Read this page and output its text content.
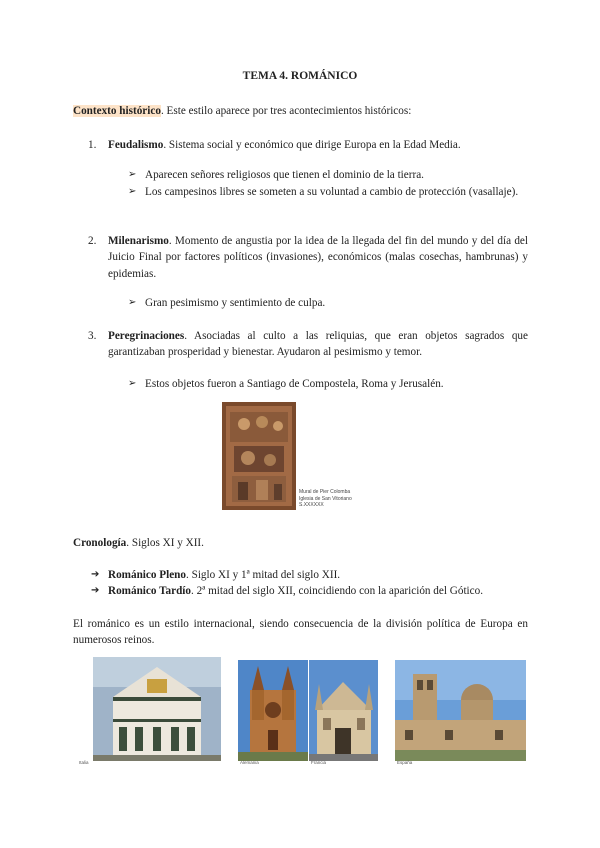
TEMA 4. ROMÁNICO
Contexto histórico. Este estilo aparece por tres acontecimientos históricos:
1.	Feudalismo. Sistema social y económico que dirige Europa en la Edad Media.
➢ Aparecen señores religiosos que tienen el dominio de la tierra.
➢ Los campesinos libres se someten a su voluntad a cambio de protección (vasallaje).
2.	Milenarismo. Momento de angustia por la idea de la llegada del fin del mundo y del día del Juicio Final por factores políticos (invasiones), económicos (malas cosechas, hambrunas) y epidemias.
➢ Gran pesimismo y sentimiento de culpa.
3.	Peregrinaciones. Asociadas al culto a las reliquias, que eran objetos sagrados que garantizaban prosperidad y bienestar. Ayudaron al pesimismo y temor.
➢ Estos objetos fueron a Santiago de Compostela, Roma y Jerusalén.
Mural de Pier Colomba
Iglesia de San Vitoriano
S.XXXXXX
Cronología. Siglos XI y XII.
➔ Románico Pleno. Siglo XI y 1ª mitad del siglo XII.
➔ Románico Tardío. 2ª mitad del siglo XII, coincidiendo con la aparición del Gótico.
El románico es un estilo internacional, siendo consecuencia de la división política de Europa en numerosos reinos.
Italia	Alemania	Francia	España
